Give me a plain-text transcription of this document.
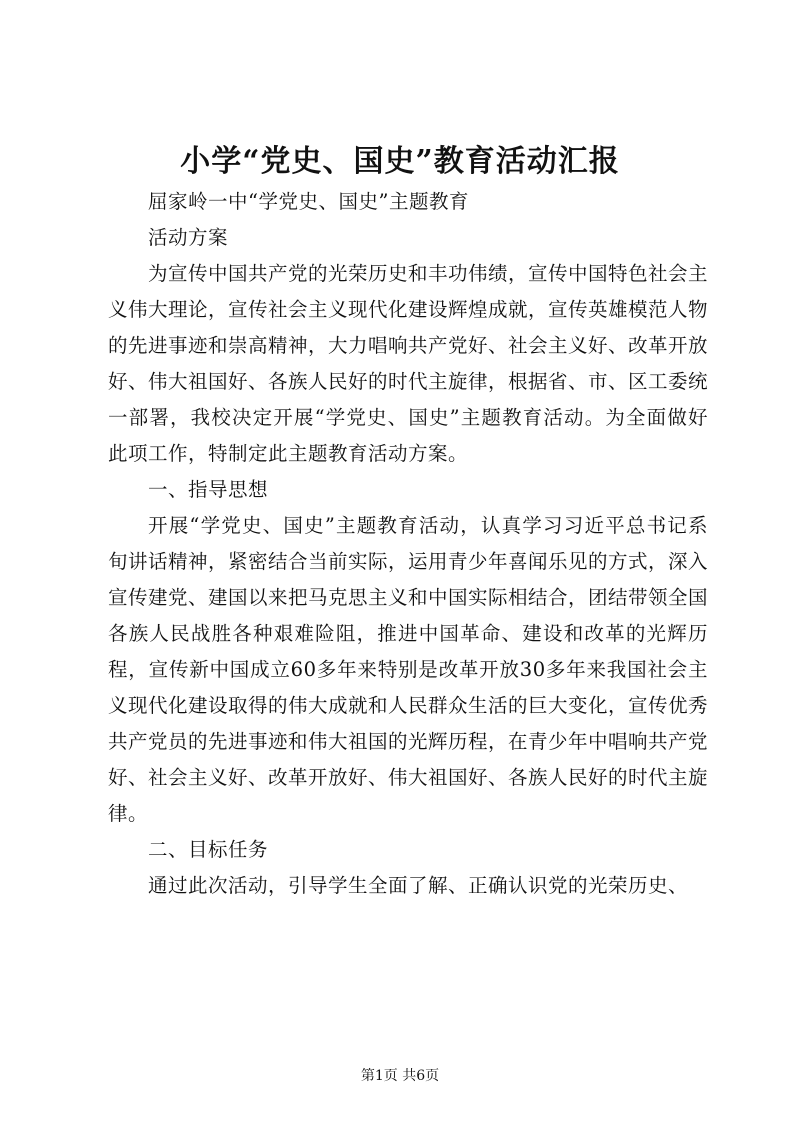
小学“党史、国史”教育活动汇报

屈家岭一中“学党史、国史”主题教育

活动方案

为宣传中国共产党的光荣历史和丰功伟绩，宣传中国特色社会主义伟大理论，宣传社会主义现代化建设辉煌成就，宣传英雄模范人物的先进事迹和崇高精神，大力唱响共产党好、社会主义好、改革开放好、伟大祖国好、各族人民好的时代主旋律，根据省、市、区工委统一部署，我校决定开展“学党史、国史”主题教育活动。为全面做好此项工作，特制定此主题教育活动方案。

一、指导思想

开展“学党史、国史”主题教育活动，认真学习习近平总书记系旬讲话精神，紧密结合当前实际，运用青少年喜闻乐见的方式，深入宣传建党、建国以来把马克思主义和中国实际相结合，团结带领全国各族人民战胜各种艰难险阻，推进中国革命、建设和改革的光辉历程，宣传新中国成立60多年来特别是改革开放30多年来我国社会主义现代化建设取得的伟大成就和人民群众生活的巨大变化，宣传优秀共产党员的先进事迹和伟大祖国的光辉历程，在青少年中唱响共产党好、社会主义好、改革开放好、伟大祖国好、各族人民好的时代主旋律。

二、目标任务

通过此次活动，引导学生全面了解、正确认识党的光荣历史、

第1页 共6页
